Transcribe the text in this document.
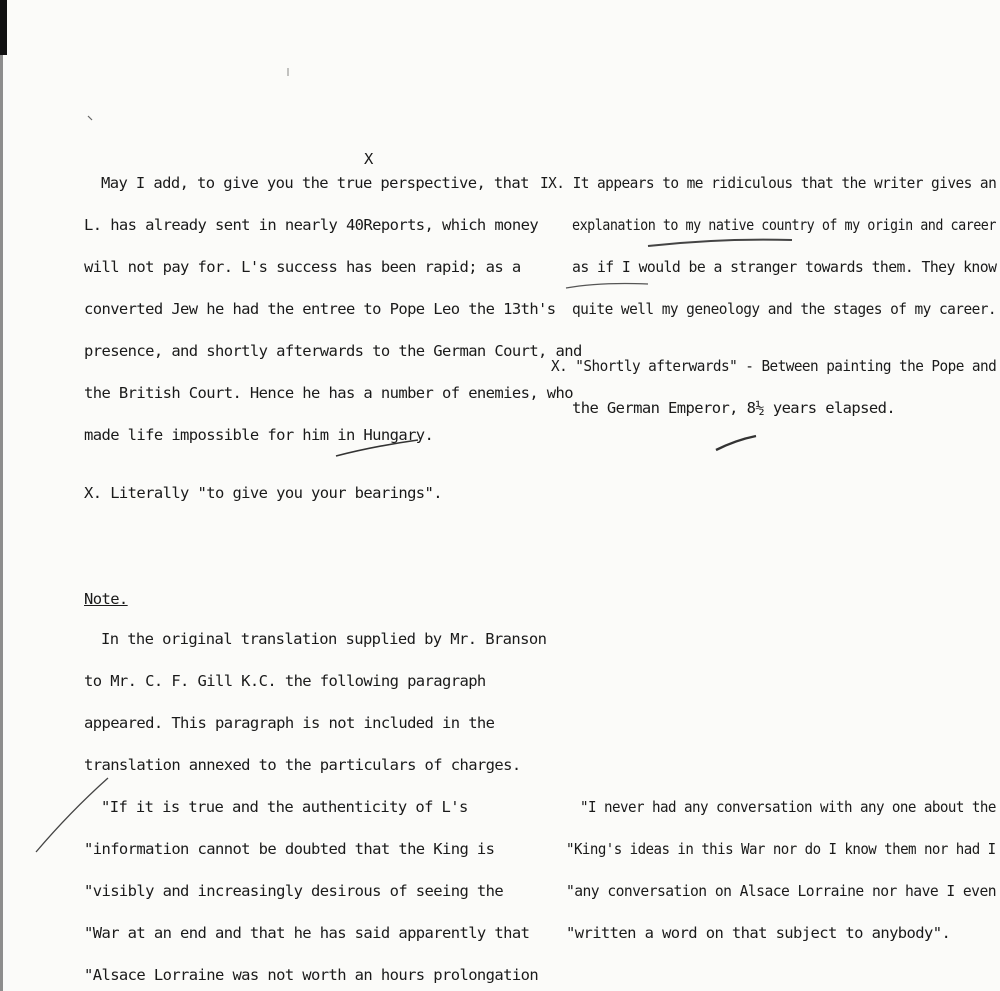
X
May I add, to give you the true perspective, that
L. has already sent in nearly 40Reports, which money
will not pay for. L's success has been rapid; as a
converted Jew he had the entree to Pope Leo the 13th's
presence, and shortly afterwards to the German Court, and
the British Court. Hence he has a number of enemies, who
made life impossible for him in Hungary.
X. Literally "to give you your bearings".
Note.
In the original translation supplied by Mr. Branson
to Mr. C. F. Gill K.C. the following paragraph
appeared. This paragraph is not included in the
translation annexed to the particulars of charges.
"If it is true and the authenticity of L's
"information cannot be doubted that the King is
"visibly and increasingly desirous of seeing the
"War at an end and that he has said apparently that
"Alsace Lorraine was not worth an hours prolongation
IX. It appears to me ridiculous that the writer gives an
explanation to my native country of my origin and career
as if I would be a stranger towards them. They know
quite well my geneology and the stages of my career.
X. "Shortly afterwards" - Between painting the Pope and
the German Emperor, 8½ years elapsed.
"I never had any conversation with any one about the
"King's ideas in this War nor do I know them nor had I
"any conversation on Alsace Lorraine nor have I even
"written a word on that subject to anybody".
